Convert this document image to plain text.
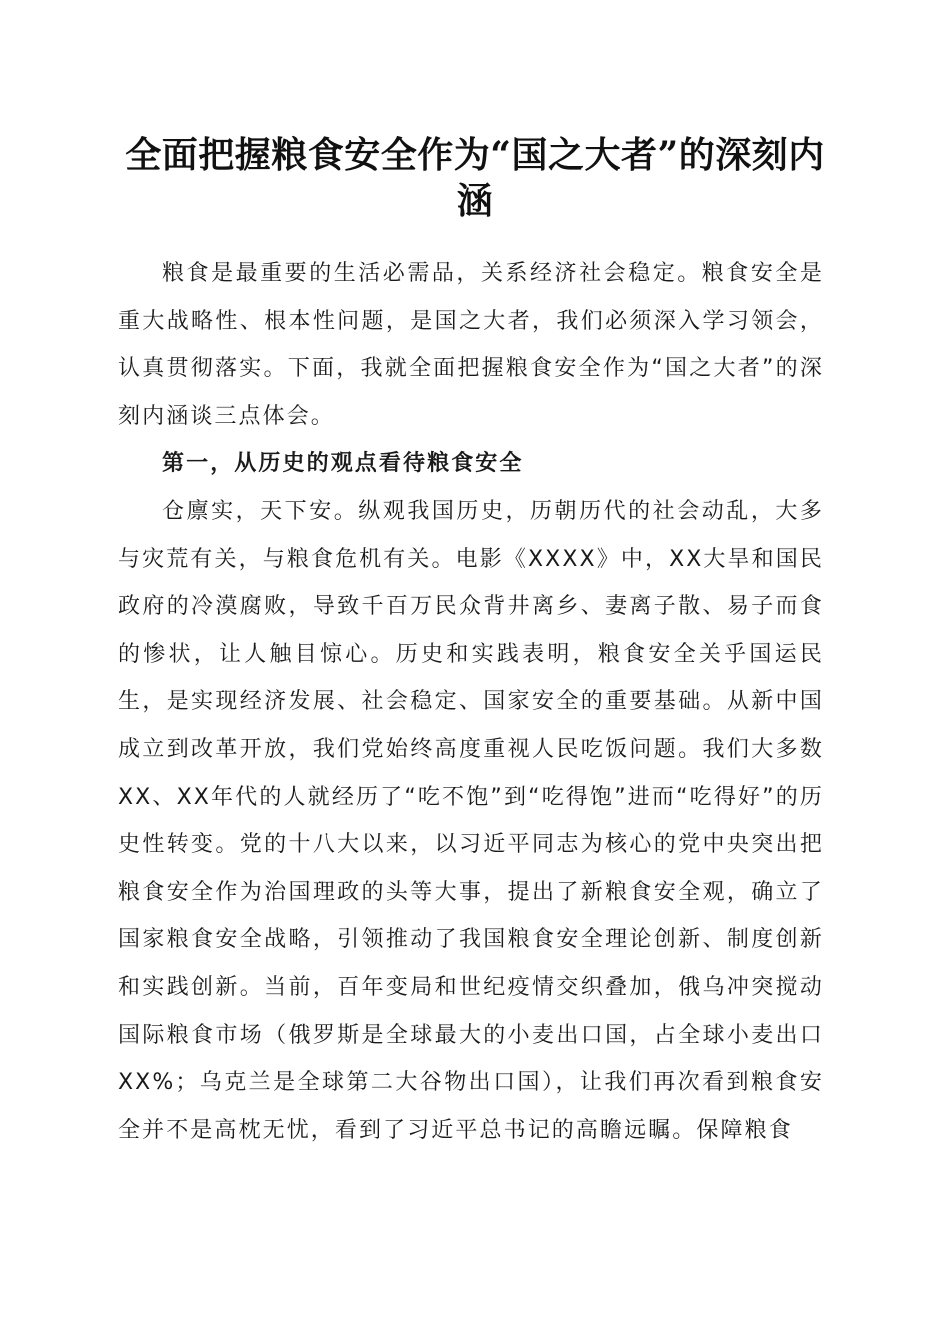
全面把握粮食安全作为“国之大者”的深刻内涵

粮食是最重要的生活必需品，关系经济社会稳定。粮食安全是重大战略性、根本性问题，是国之大者，我们必须深入学习领会，认真贯彻落实。下面，我就全面把握粮食安全作为“国之大者”的深刻内涵谈三点体会。

第一，从历史的观点看待粮食安全

仓廪实，天下安。纵观我国历史，历朝历代的社会动乱，大多与灾荒有关，与粮食危机有关。电影《XXXX》中，XX大旱和国民政府的冷漠腐败，导致千百万民众背井离乡、妻离子散、易子而食的惨状，让人触目惊心。历史和实践表明，粮食安全关乎国运民生，是实现经济发展、社会稳定、国家安全的重要基础。从新中国成立到改革开放，我们党始终高度重视人民吃饭问题。我们大多数XX、XX年代的人就经历了“吃不饱”到“吃得饱”进而“吃得好”的历史性转变。党的十八大以来，以习近平同志为核心的党中央突出把粮食安全作为治国理政的头等大事，提出了新粮食安全观，确立了国家粮食安全战略，引领推动了我国粮食安全理论创新、制度创新和实践创新。当前，百年变局和世纪疫情交织叠加，俄乌冲突搅动国际粮食市场（俄罗斯是全球最大的小麦出口国，占全球小麦出口XX%；乌克兰是全球第二大谷物出口国），让我们再次看到粮食安全并不是高枕无忧，看到了习近平总书记的高瞻远瞩。保障粮食
